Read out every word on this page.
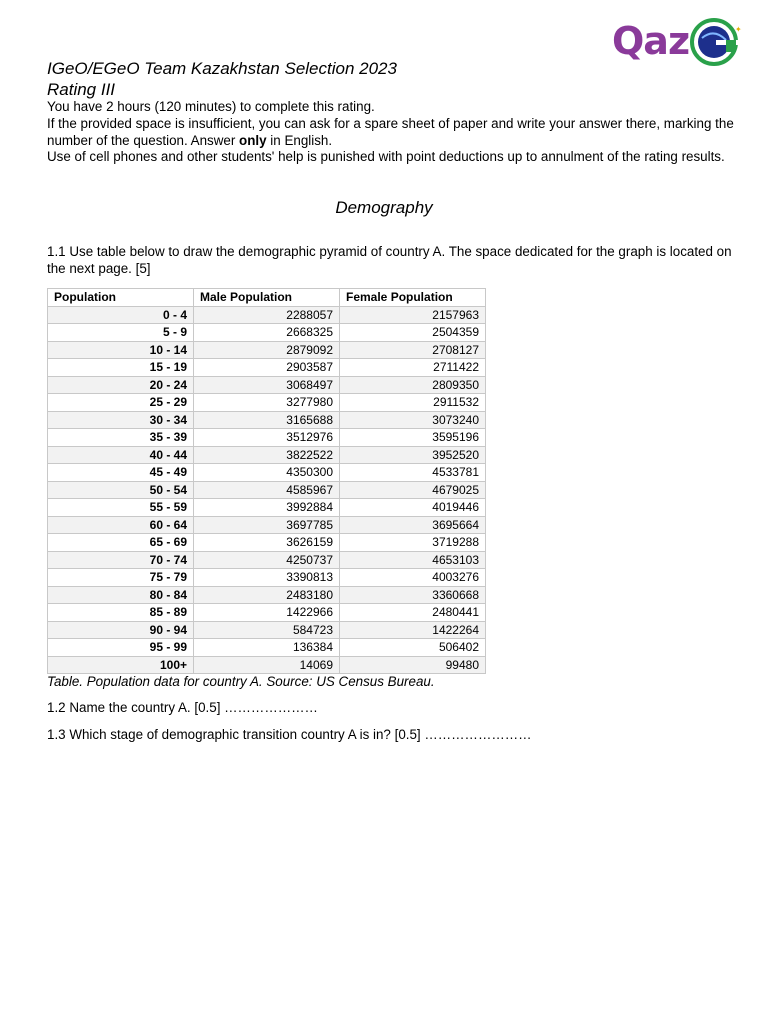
Qaz	✦
IGeO/EGeO Team Kazakhstan Selection 2023
Rating III

You have 2 hours (120 minutes) to complete this rating.

If the provided space is insufficient, you can ask for a spare sheet of paper and write your answer there, marking the number of the question. Answer only in English.

Use of cell phones and other students' help is punished with point deductions up to annulment of the rating results.

Demography

1.1 Use table below to draw the demographic pyramid of country A. The space dedicated for the graph is located on the next page. [5]

Population	Male Population	Female Population
0 - 4	2288057	2157963
5 - 9	2668325	2504359
10 - 14	2879092	2708127
15 - 19	2903587	2711422
20 - 24	3068497	2809350
25 - 29	3277980	2911532
30 - 34	3165688	3073240
35 - 39	3512976	3595196
40 - 44	3822522	3952520
45 - 49	4350300	4533781
50 - 54	4585967	4679025
55 - 59	3992884	4019446
60 - 64	3697785	3695664
65 - 69	3626159	3719288
70 - 74	4250737	4653103
75 - 79	3390813	4003276
80 - 84	2483180	3360668
85 - 89	1422966	2480441
90 - 94	584723	1422264
95 - 99	136384	506402
100+	14069	99480
Table. Population data for country A. Source: US Census Bureau.
1.2 Name the country A. [0.5] …………………
1.3 Which stage of demographic transition country A is in? [0.5] ……………………
